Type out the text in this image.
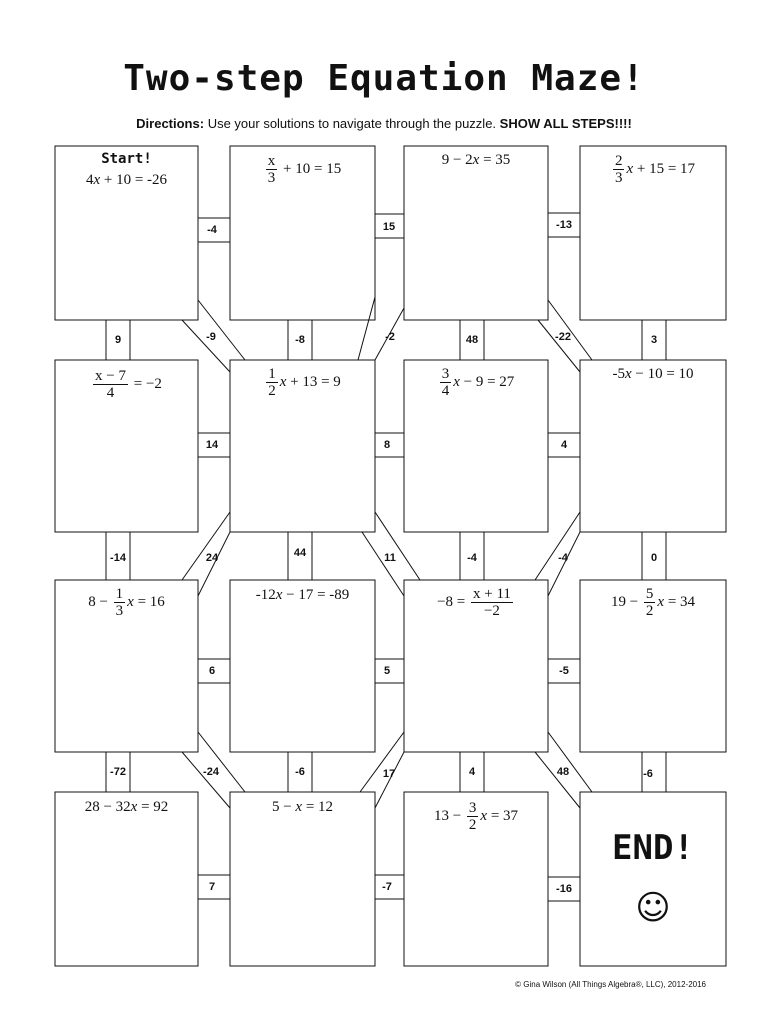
Two-step Equation Maze!
Directions: Use your solutions to navigate through the puzzle. SHOW ALL STEPS!!!!
Start!
4x + 10 = -26	$\frac{x}{3} + 10 = 15$
9 − 2x = 35	$\frac{2}{3}$ x + 15 = 17
$\frac{x - 7}{4} = -2$	$\frac{1}{2}$ x + 13 = 9	$\frac{3}{4}$ x − 9 = 27	-5x − 10 = 10
$8 - \frac{1}{3}$ x = 16	-12x − 17 = -89	$-8 = \frac{x + 11}{-2}$	$19 - \frac{5}{2}$ x = 34
28 − 32x = 92	5 − x = 12
$13 - \frac{3}{2}$ x = 37
END!
☺
-4	15	-13
14	8	4
6	5	-5
7	-7	-16
9	-8	48	3
-14	44	-4	0
-72	-6	4	-6
-9	-2	-22
24	11	-4
-24	17	48
© Gina Wilson (All Things Algebra®, LLC), 2012-2016
